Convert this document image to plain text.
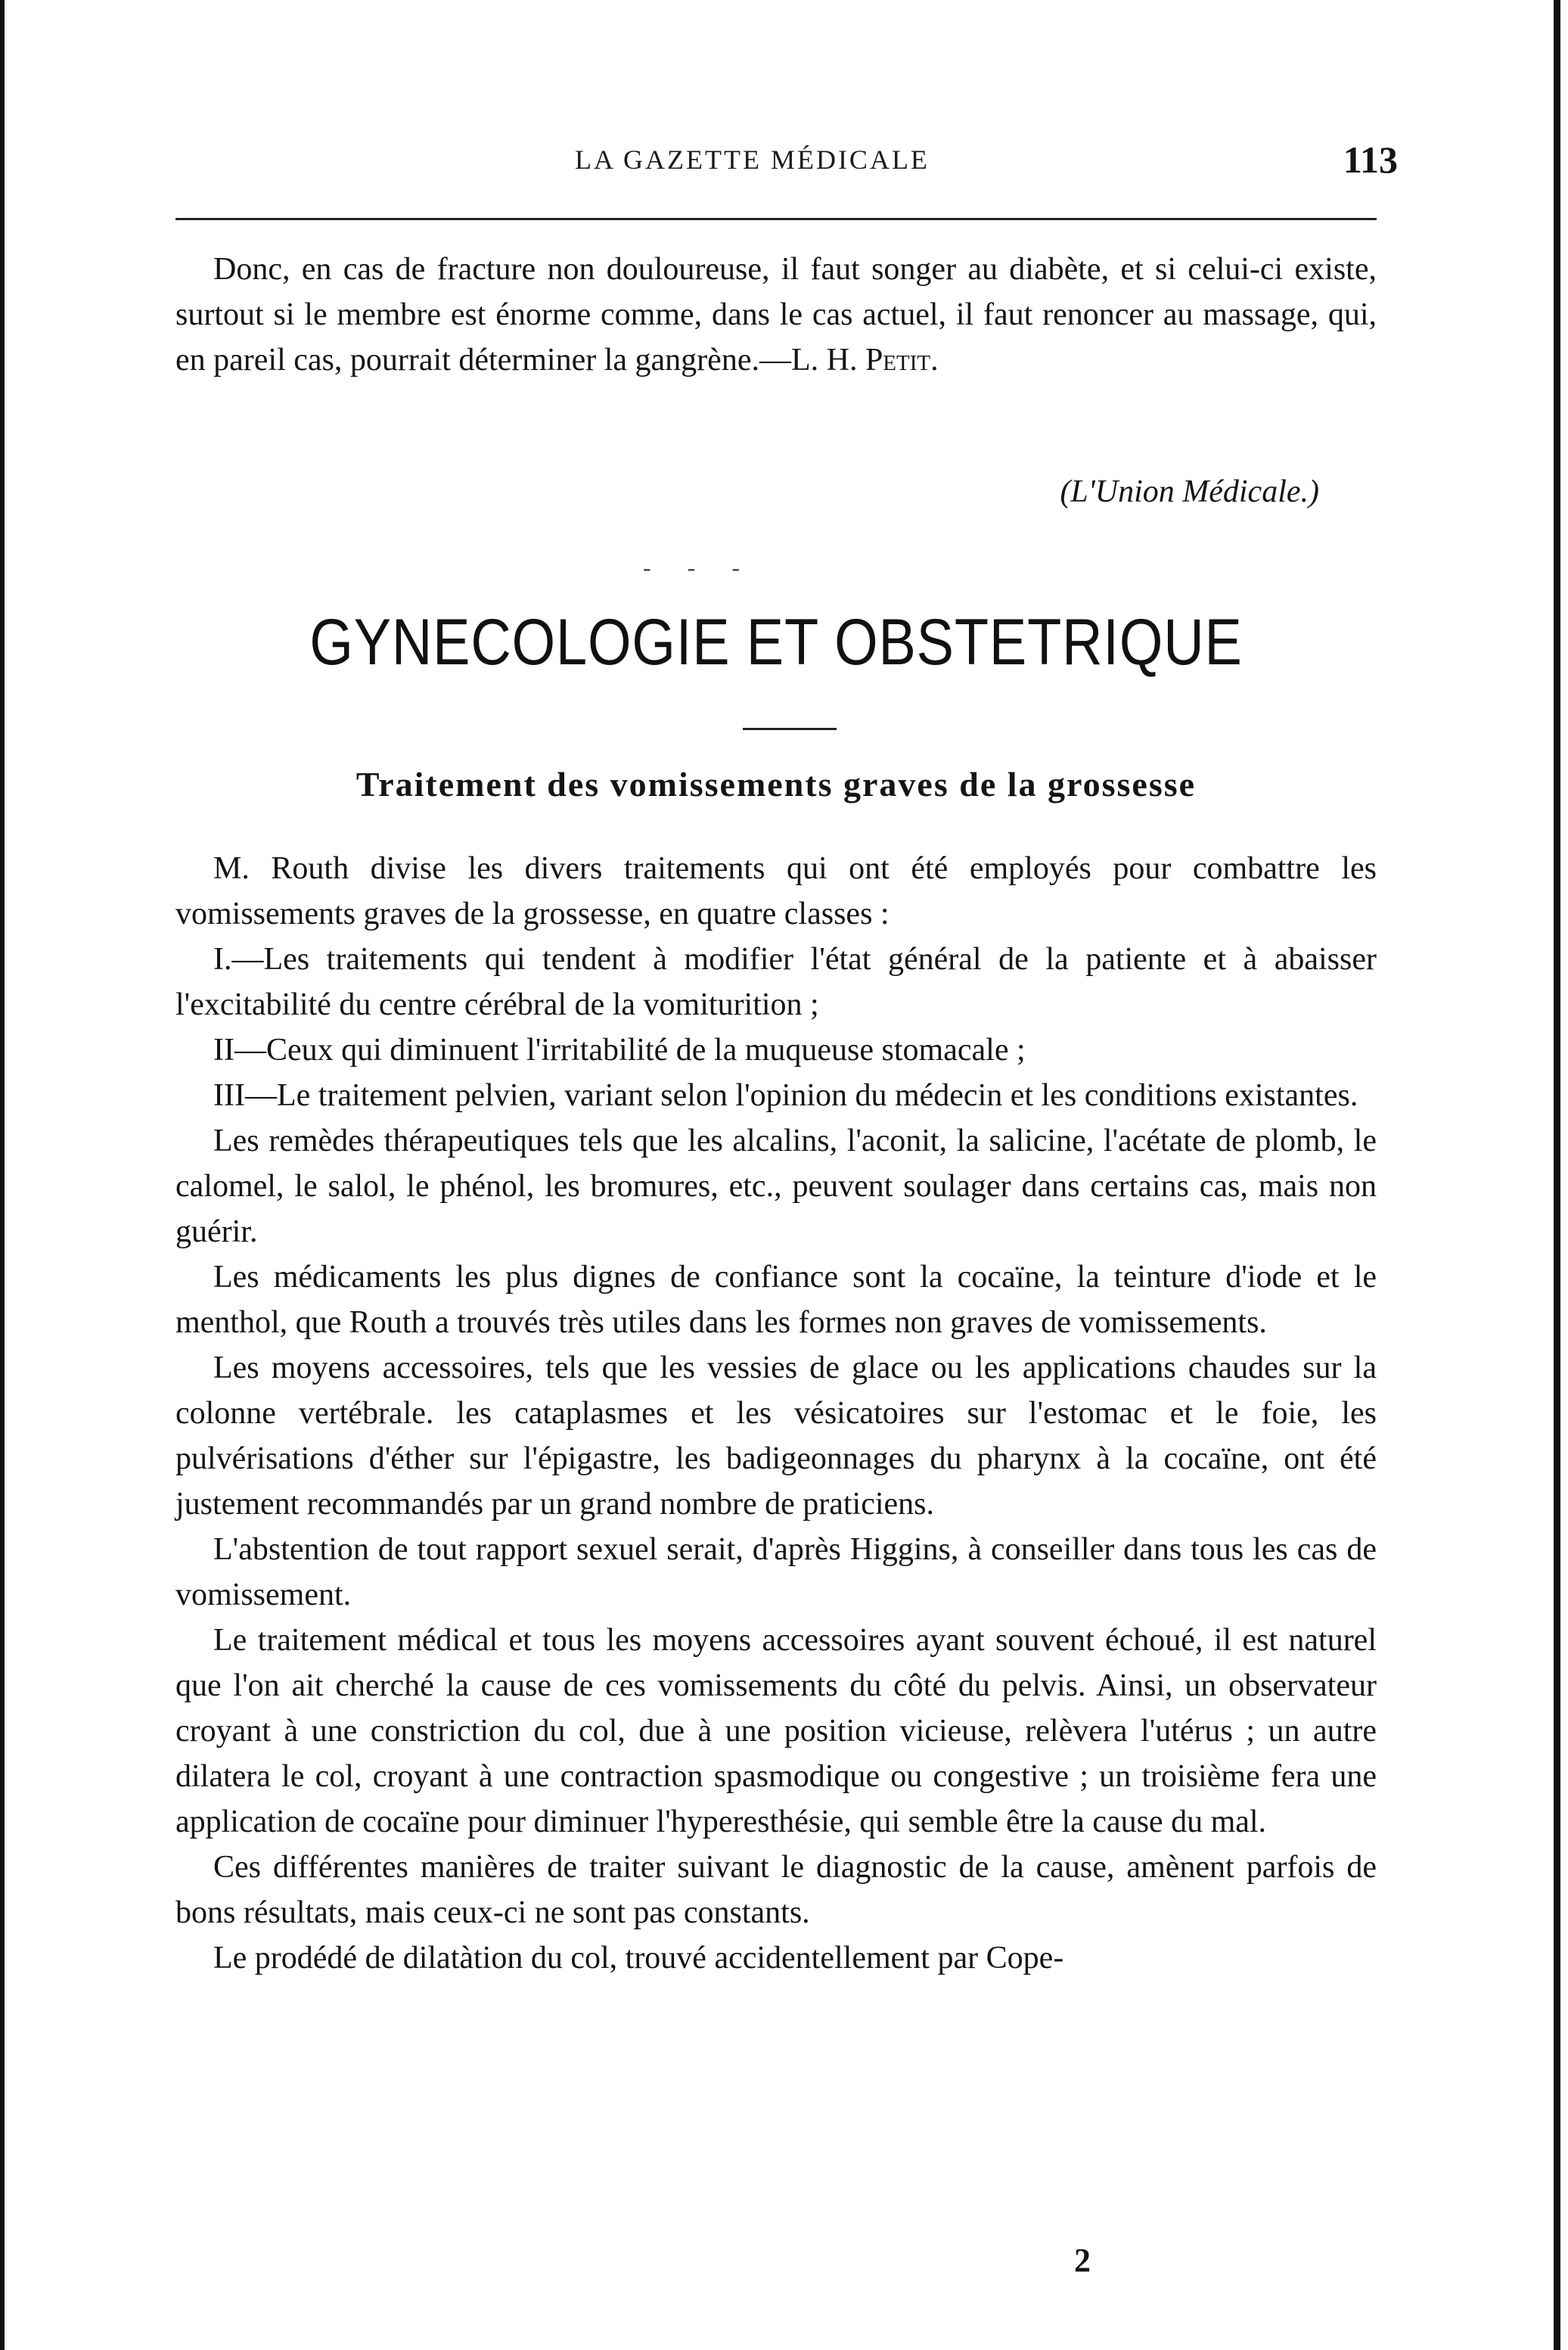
LA GAZETTE MÉDICALE	113

Donc, en cas de fracture non douloureuse, il faut songer au diabète, et si celui-ci existe, surtout si le membre est énorme comme, dans le cas actuel, il faut renoncer au massage, qui, en pareil cas, pourrait déterminer la gangrène.—L. H. Petit.

(L'Union Médicale.)
- - -
GYNECOLOGIE ET OBSTETRIQUE
Traitement des vomissements graves de la grossesse

M. Routh divise les divers traitements qui ont été employés pour combattre les vomissements graves de la grossesse, en quatre classes :

I.—Les traitements qui tendent à modifier l'état général de la patiente et à abaisser l'excitabilité du centre cérébral de la vomiturition ;

II—Ceux qui diminuent l'irritabilité de la muqueuse stomacale ;

III—Le traitement pelvien, variant selon l'opinion du médecin et les conditions existantes.

Les remèdes thérapeutiques tels que les alcalins, l'aconit, la salicine, l'acétate de plomb, le calomel, le salol, le phénol, les bromures, etc., peuvent soulager dans certains cas, mais non guérir.

Les médicaments les plus dignes de confiance sont la cocaïne, la teinture d'iode et le menthol, que Routh a trouvés très utiles dans les formes non graves de vomissements.

Les moyens accessoires, tels que les vessies de glace ou les applications chaudes sur la colonne vertébrale. les cataplasmes et les vésicatoires sur l'estomac et le foie, les pulvérisations d'éther sur l'épigastre, les badigeonnages du pharynx à la cocaïne, ont été justement recommandés par un grand nombre de praticiens.

L'abstention de tout rapport sexuel serait, d'après Higgins, à conseiller dans tous les cas de vomissement.

Le traitement médical et tous les moyens accessoires ayant souvent échoué, il est naturel que l'on ait cherché la cause de ces vomissements du côté du pelvis. Ainsi, un observateur croyant à une constriction du col, due à une position vicieuse, relèvera l'utérus ; un autre dilatera le col, croyant à une contraction spasmodique ou congestive ; un troisième fera une application de cocaïne pour diminuer l'hyperesthésie, qui semble être la cause du mal.

Ces différentes manières de traiter suivant le diagnostic de la cause, amènent parfois de bons résultats, mais ceux-ci ne sont pas constants.

Le prodédé de dilatàtion du col, trouvé accidentellement par Cope-

2
